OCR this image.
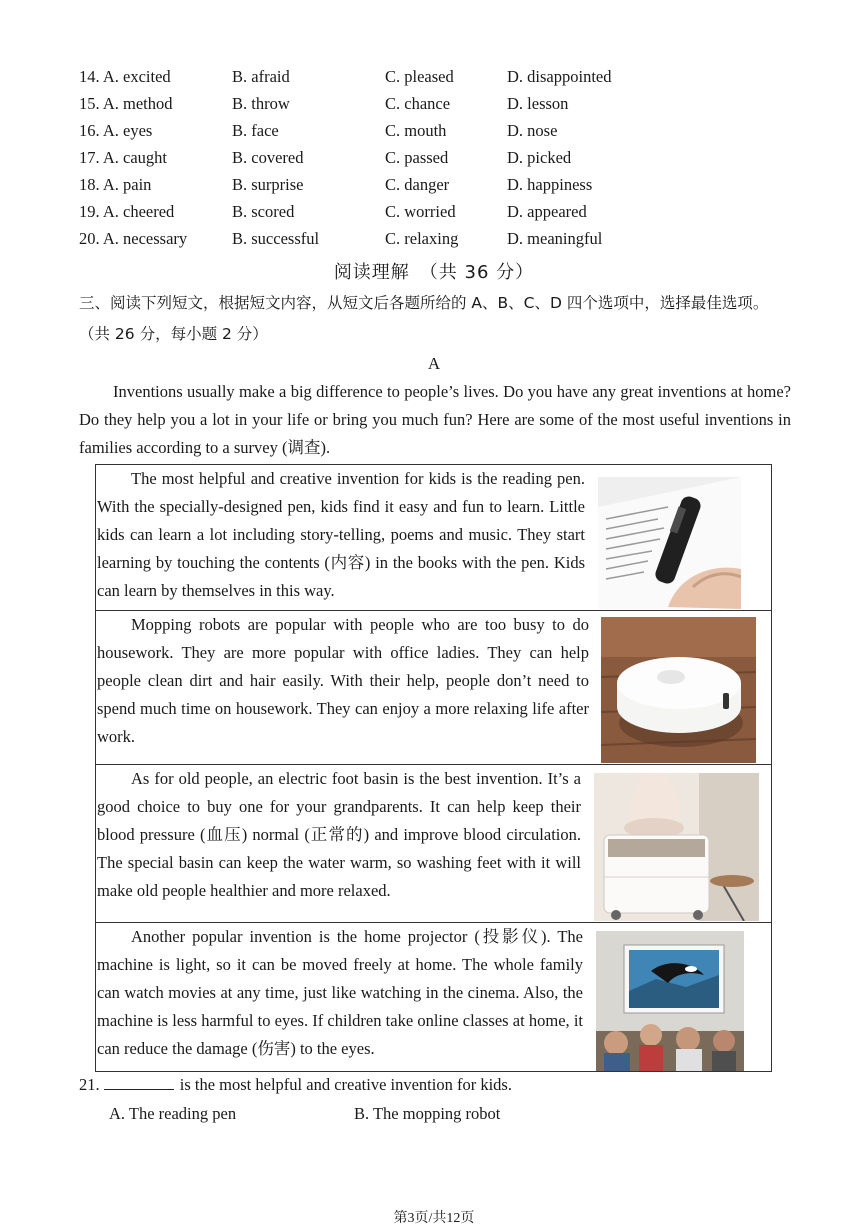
14. A. excited	B. afraid	C. pleased	D. disappointed
15. A. method	B. throw	C. chance	D. lesson
16. A. eyes	B. face	C. mouth	D. nose
17. A. caught	B. covered	C. passed	D. picked
18. A. pain	B. surprise	C. danger	D. happiness
19. A. cheered	B. scored	C. worried	D. appeared
20. A. necessary	B. successful	C. relaxing	D. meaningful
阅读理解　（共 36 分）
三、阅读下列短文，根据短文内容，从短文后各题所给的 A、B、C、D 四个选项中，选择最佳选项。（共 26 分，每小题 2 分）
A
Inventions usually make a big difference to people’s lives. Do you have any great inventions at home? Do they help you a lot in your life or bring you much fun? Here are some of the most useful inventions in families according to a survey (调查).
The most helpful and creative invention for kids is the reading pen. With the specially-designed pen, kids find it easy and fun to learn. Little kids can learn a lot including story-telling, poems and music. They start learning by touching the contents (内容) in the books with the pen. Kids can learn by themselves in this way.
Mopping robots are popular with people who are too busy to do housework. They are more popular with office ladies. They can help people clean dirt and hair easily. With their help, people don’t need to spend much time on housework. They can enjoy a more relaxing life after work.
As for old people, an electric foot basin is the best invention. It’s a good choice to buy one for your grandparents. It can help keep their blood pressure (血压) normal (正常的) and improve blood circulation. The special basin can keep the water warm, so washing feet with it will make old people healthier and more relaxed.
Another popular invention is the home projector (投影仪). The machine is light, so it can be moved freely at home. The whole family can watch movies at any time, just like watching in the cinema. Also, the machine is less harmful to eyes. If children take online classes at home, it can reduce the damage (伤害) to the eyes.
21.	is the most helpful and creative invention for kids.
A. The reading pen	B. The mopping robot
第3页/共12页
